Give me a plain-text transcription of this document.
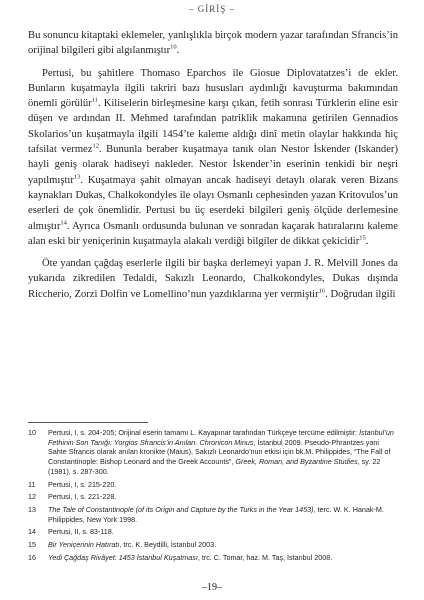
– GİRİŞ –

Bu sonuncu kitaptaki eklemeler, yanlışlıkla birçok modern yazar tarafından Sfrancis’in orijinal bilgileri gibi algılanmıştır$^{10}$.

Pertusi, bu şahitlere Thomaso Eparchos ile Giosue Diplovatatzes’i de ekler. Bunların kuşatmayla ilgili takriri bazı hususları aydınlığı kavuşturma bakımından önemli görülür$^{11}$. Kiliselerin birleşmesine karşı çıkan, fetih sonrası Türklerin eline esir düşen ve ardından II. Mehmed tarafından patriklik makamına getirilen Gennadios Skolarios’un kuşatmayla ilgili 1454’te kaleme aldığı dinî metin olaylar hakkında hiç tafsilat vermez$^{12}$. Bununla beraber kuşatmaya tanık olan Nestor İskender (Iskander) hayli geniş olarak hadiseyi nakleder. Nestor İskender’in eserinin tenkidi bir neşri yapılmıştır$^{13}$. Kuşatmaya şahit olmayan ancak hadiseyi detaylı olarak veren Bizans kaynakları Dukas, Chalkokondyles ile olayı Osmanlı cephesinden yazan Kritovulos’un eserleri de çok önemlidir. Pertusi bu üç eserdeki bilgileri geniş ölçüde derlemesine almıştır$^{14}$. Ayrıca Osmanlı ordusunda bulunan ve sonradan kaçarak hatıralarını kaleme alan eski bir yeniçerinin kuşatmayla alakalı verdiği bilgiler de dikkat çekicidir$^{15}$.

Öte yandan çağdaş eserlerle ilgili bir başka derlemeyi yapan J. R. Melvill Jones da yukarıda zikredilen Tedaldi, Sakızlı Leonardo, Chalkokondyles, Dukas dışında Riccherio, Zorzi Dolfin ve Lomellino’nun yazdıklarına yer vermiştir$^{16}$. Doğrudan ilgili

10	Pertusi, I, s. 204-205; Orijinal eserin tamamı L. Kayapınar tarafından Türkçeye tercüme edilmiştir: İstanbul’un Fethinin Son Tanığı: Yorgios Sfrancis’in Anıları. Chronicon Minus, İstanbul 2009. Pseudo-Phrantzes yani Sahte Sfrancis olarak anılan kronikte (Maius), Sakızlı Leonardo’nun etkisi için bk.M. Philippides, “The Fall of Constantinople: Bishop Leonard and the Greek Accounts”, Greek, Roman, and Byzantine Studies, sy. 22 (1981), s. 287-300.
11	Pertusi, I, s. 215-220.
12	Pertusi, I, s. 221-228.
13	The Tale of Constantinople (of its Origin and Capture by the Turks in the Year 1453), terc. W. K. Hanak-M. Philippides, New York 1998.
14	Pertusi, II, s. 83-118.
15	Bir Yeniçerinin Hatıratı, trc. K. Beydilli, İstanbul 2003.
16	Yedi Çağdaş Rivâyet: 1453 İstanbul Kuşatması, trc. C. Tomar, haz. M. Taş, İstanbul 2008.
–19–
